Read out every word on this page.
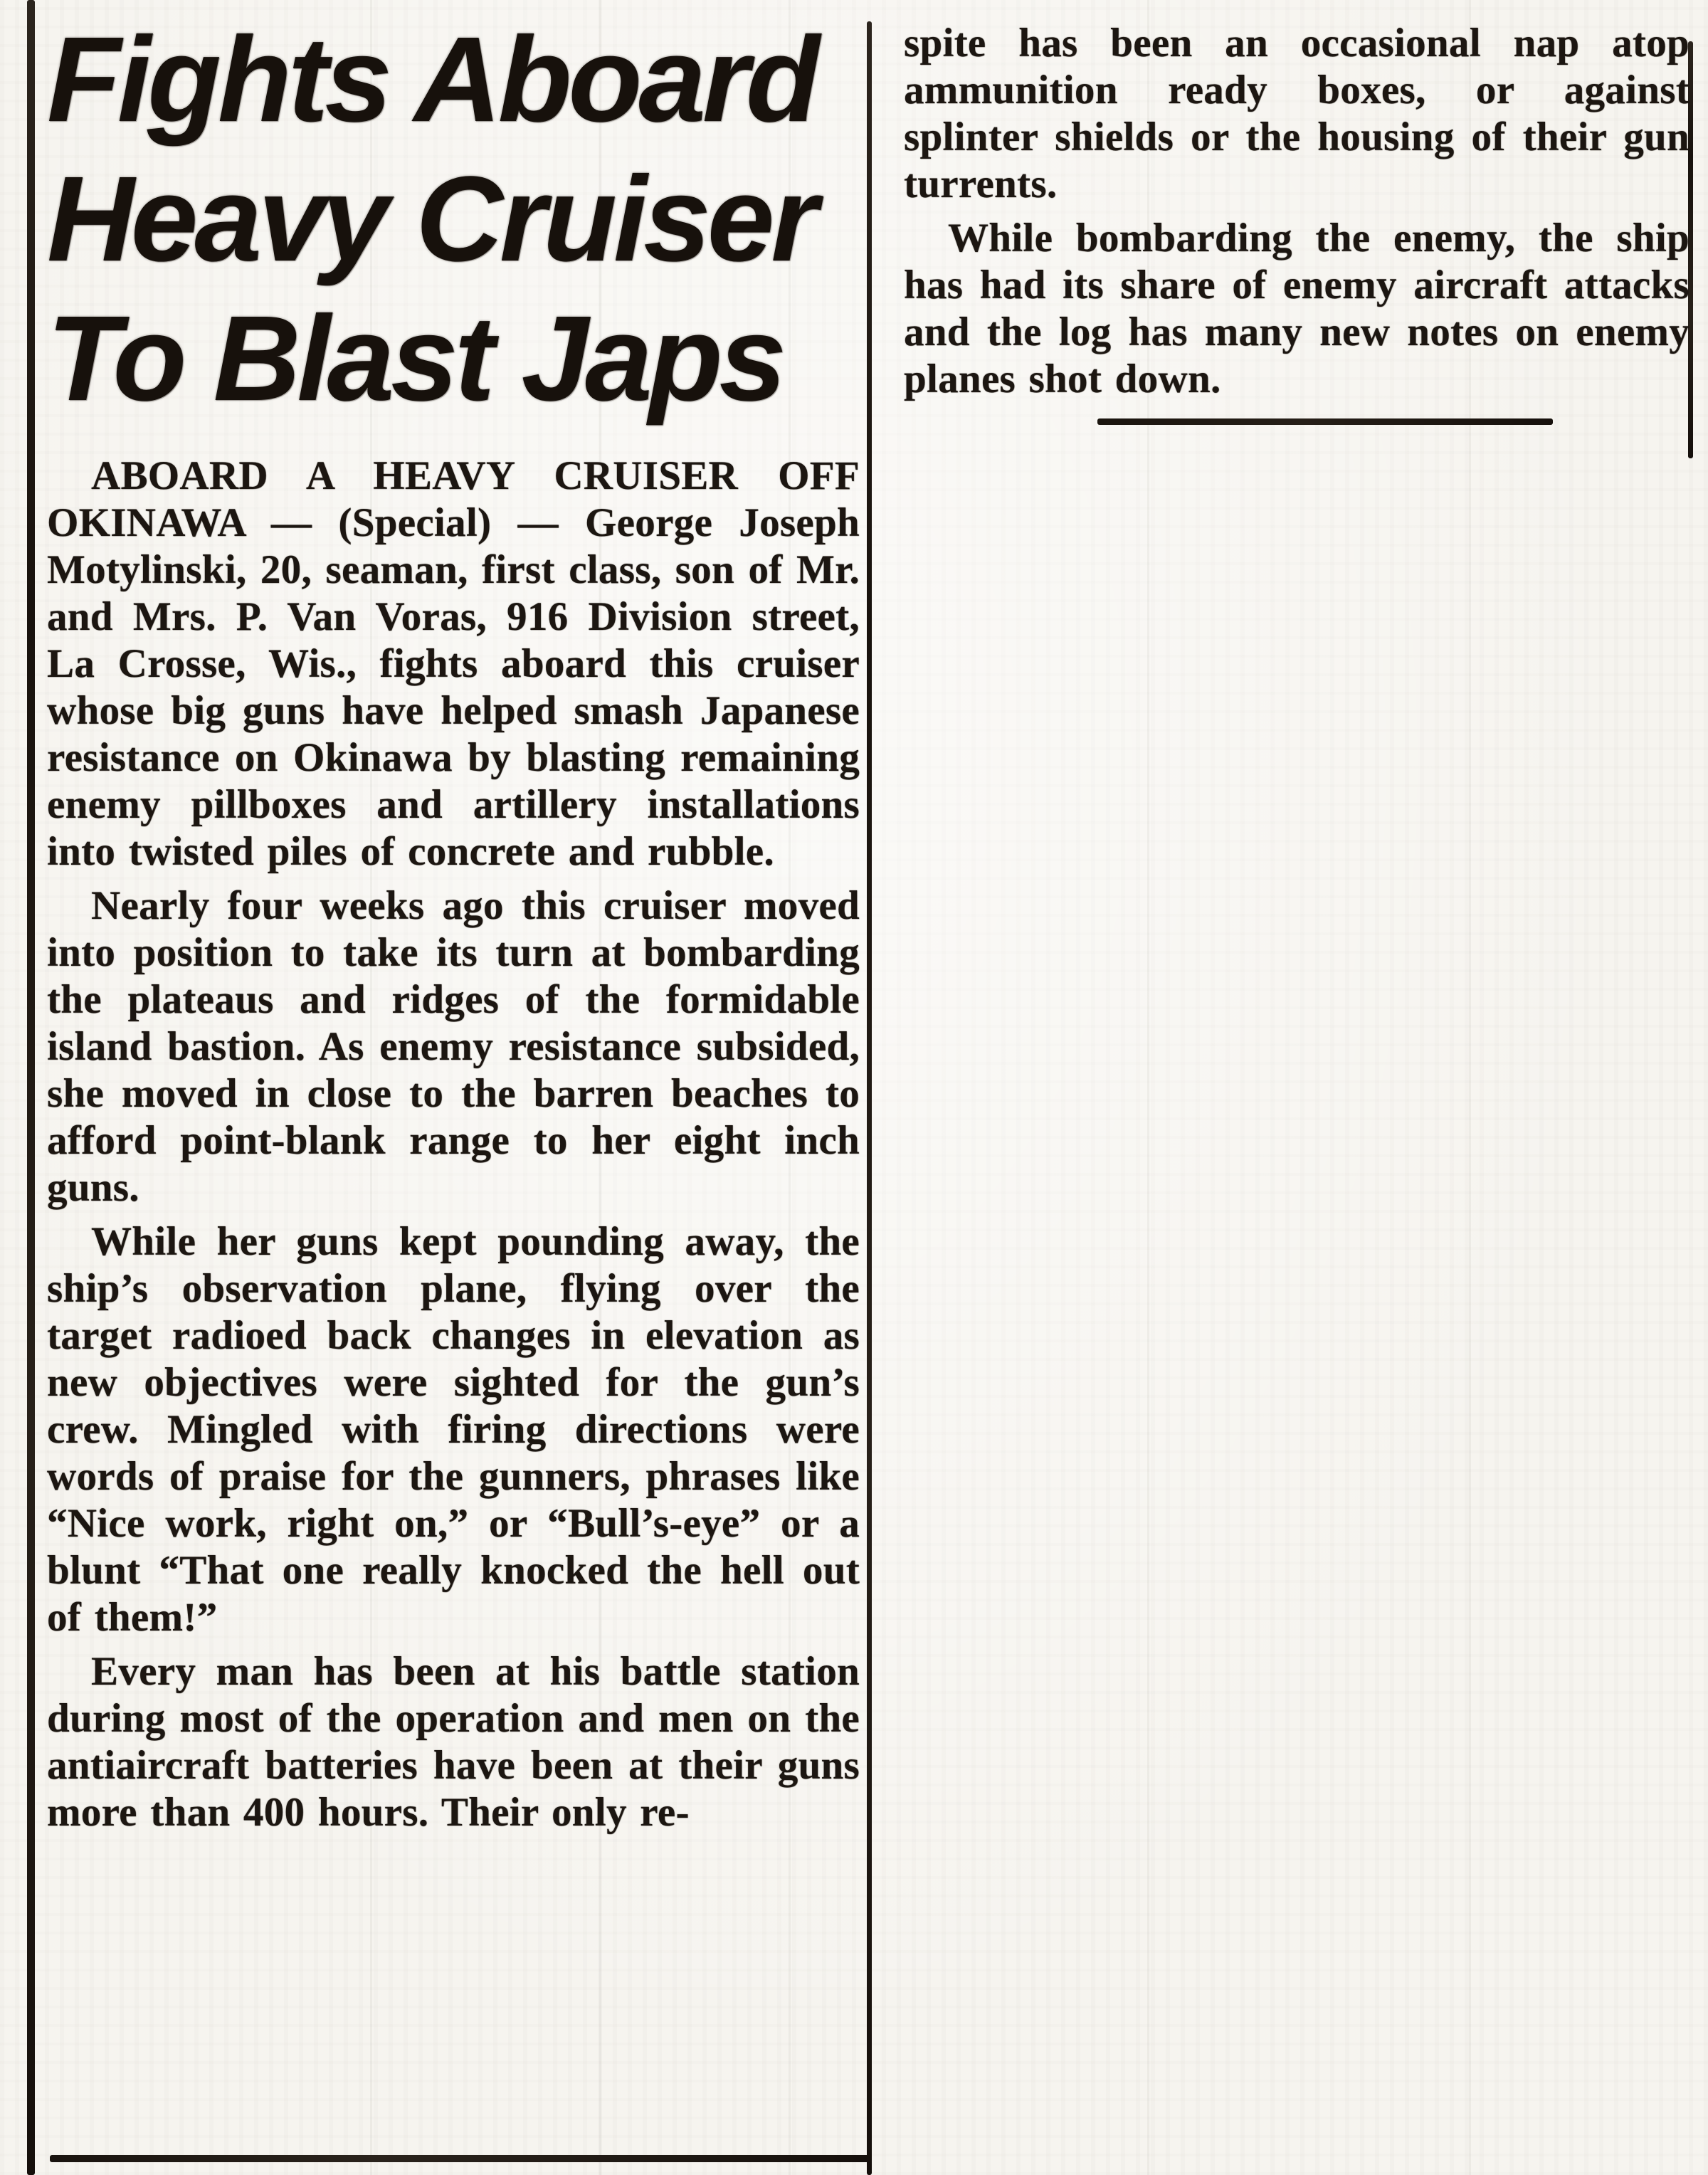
Fights Aboard
Heavy Cruiser
To Blast Japs

ABOARD A HEAVY CRUISER OFF OKINAWA — (Special) — George Joseph Motylinski, 20, seaman, first class, son of Mr. and Mrs. P. Van Voras, 916 Division street, La Crosse, Wis., fights aboard this cruiser whose big guns have helped smash Japanese resistance on Okinawa by blasting remaining enemy pillboxes and artillery installations into twisted piles of concrete and rubble.

Nearly four weeks ago this cruiser moved into position to take its turn at bombarding the plateaus and ridges of the formidable island bastion. As enemy resistance subsided, she moved in close to the barren beaches to afford point-blank range to her eight inch guns.

While her guns kept pounding away, the ship’s observation plane, flying over the target radioed back changes in elevation as new objectives were sighted for the gun’s crew. Mingled with firing directions were words of praise for the gunners, phrases like “Nice work, right on,” or “Bull’s-eye” or a blunt “That one really knocked the hell out of them!”

Every man has been at his battle station during most of the operation and men on the antiaircraft batteries have been at their guns more than 400 hours. Their only re-

spite has been an occasional nap atop ammunition ready boxes, or against splinter shields or the housing of their gun turrents.

While bombarding the enemy, the ship has had its share of enemy aircraft attacks and the log has many new notes on enemy planes shot down.
